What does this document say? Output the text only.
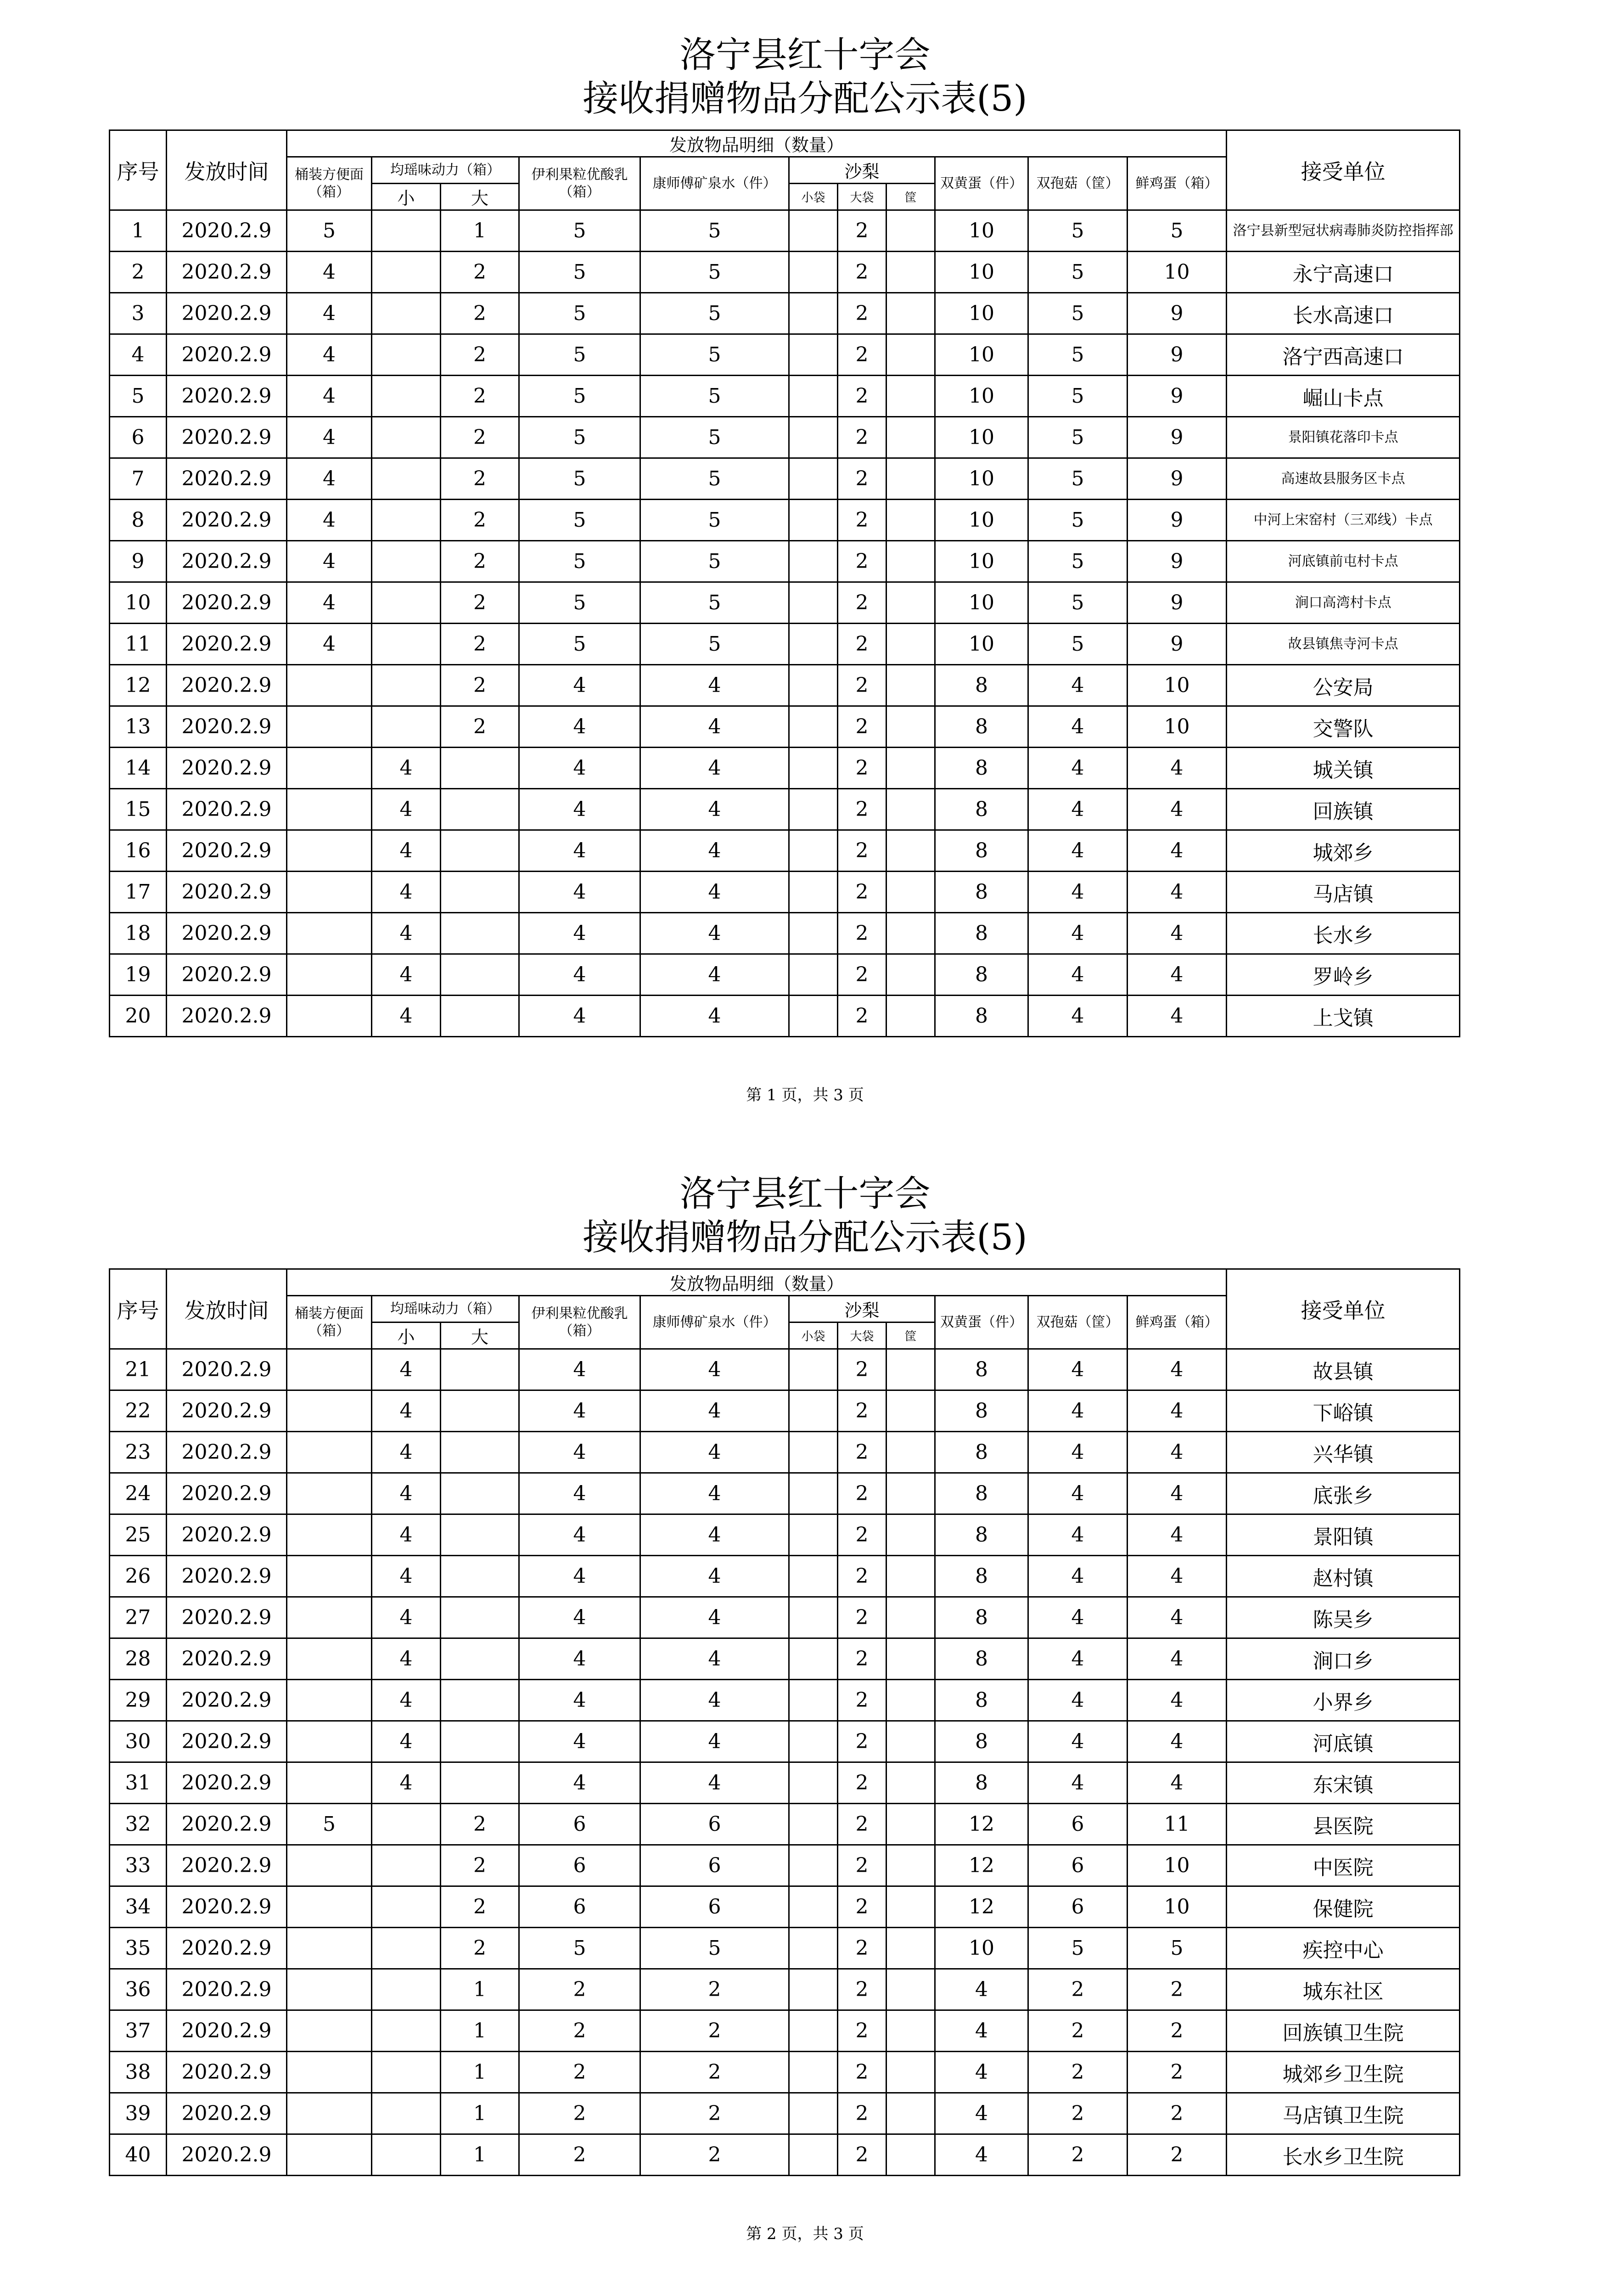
洛宁县红十字会
接收捐赠物品分配公示表(5)
序号	发放时间	发放物品明细（数量）											接受单位
		桶装方便面（箱）	均瑶味动力（箱）		伊利果粒优酸乳（箱）	康师傅矿泉水（件）	沙梨			双黄蛋（件）	双孢菇（筐）	鲜鸡蛋（箱）	
			小	大			小袋	大袋	筐				
1	2020.2.9	5		1	5	5		2		10	5	5	洛宁县新型冠状病毒肺炎防控指挥部
2	2020.2.9	4		2	5	5		2		10	5	10	永宁高速口
3	2020.2.9	4		2	5	5		2		10	5	9	长水高速口
4	2020.2.9	4		2	5	5		2		10	5	9	洛宁西高速口
5	2020.2.9	4		2	5	5		2		10	5	9	崛山卡点
6	2020.2.9	4		2	5	5		2		10	5	9	景阳镇花落印卡点
7	2020.2.9	4		2	5	5		2		10	5	9	高速故县服务区卡点
8	2020.2.9	4		2	5	5		2		10	5	9	中河上宋窑村（三邓线）卡点
9	2020.2.9	4		2	5	5		2		10	5	9	河底镇前屯村卡点
10	2020.2.9	4		2	5	5		2		10	5	9	涧口高湾村卡点
11	2020.2.9	4		2	5	5		2		10	5	9	故县镇焦寺河卡点
12	2020.2.9			2	4	4		2		8	4	10	公安局
13	2020.2.9			2	4	4		2		8	4	10	交警队
14	2020.2.9		4		4	4		2		8	4	4	城关镇
15	2020.2.9		4		4	4		2		8	4	4	回族镇
16	2020.2.9		4		4	4		2		8	4	4	城郊乡
17	2020.2.9		4		4	4		2		8	4	4	马店镇
18	2020.2.9		4		4	4		2		8	4	4	长水乡
19	2020.2.9		4		4	4		2		8	4	4	罗岭乡
20	2020.2.9		4		4	4		2		8	4	4	上戈镇
第 1 页，共 3 页
洛宁县红十字会
接收捐赠物品分配公示表(5)
序号	发放时间	发放物品明细（数量）											接受单位
		桶装方便面（箱）	均瑶味动力（箱）		伊利果粒优酸乳（箱）	康师傅矿泉水（件）	沙梨			双黄蛋（件）	双孢菇（筐）	鲜鸡蛋（箱）	
			小	大			小袋	大袋	筐				
21	2020.2.9		4		4	4		2		8	4	4	故县镇
22	2020.2.9		4		4	4		2		8	4	4	下峪镇
23	2020.2.9		4		4	4		2		8	4	4	兴华镇
24	2020.2.9		4		4	4		2		8	4	4	底张乡
25	2020.2.9		4		4	4		2		8	4	4	景阳镇
26	2020.2.9		4		4	4		2		8	4	4	赵村镇
27	2020.2.9		4		4	4		2		8	4	4	陈吴乡
28	2020.2.9		4		4	4		2		8	4	4	涧口乡
29	2020.2.9		4		4	4		2		8	4	4	小界乡
30	2020.2.9		4		4	4		2		8	4	4	河底镇
31	2020.2.9		4		4	4		2		8	4	4	东宋镇
32	2020.2.9	5		2	6	6		2		12	6	11	县医院
33	2020.2.9			2	6	6		2		12	6	10	中医院
34	2020.2.9			2	6	6		2		12	6	10	保健院
35	2020.2.9			2	5	5		2		10	5	5	疾控中心
36	2020.2.9			1	2	2		2		4	2	2	城东社区
37	2020.2.9			1	2	2		2		4	2	2	回族镇卫生院
38	2020.2.9			1	2	2		2		4	2	2	城郊乡卫生院
39	2020.2.9			1	2	2		2		4	2	2	马店镇卫生院
40	2020.2.9			1	2	2		2		4	2	2	长水乡卫生院
第 2 页，共 3 页
